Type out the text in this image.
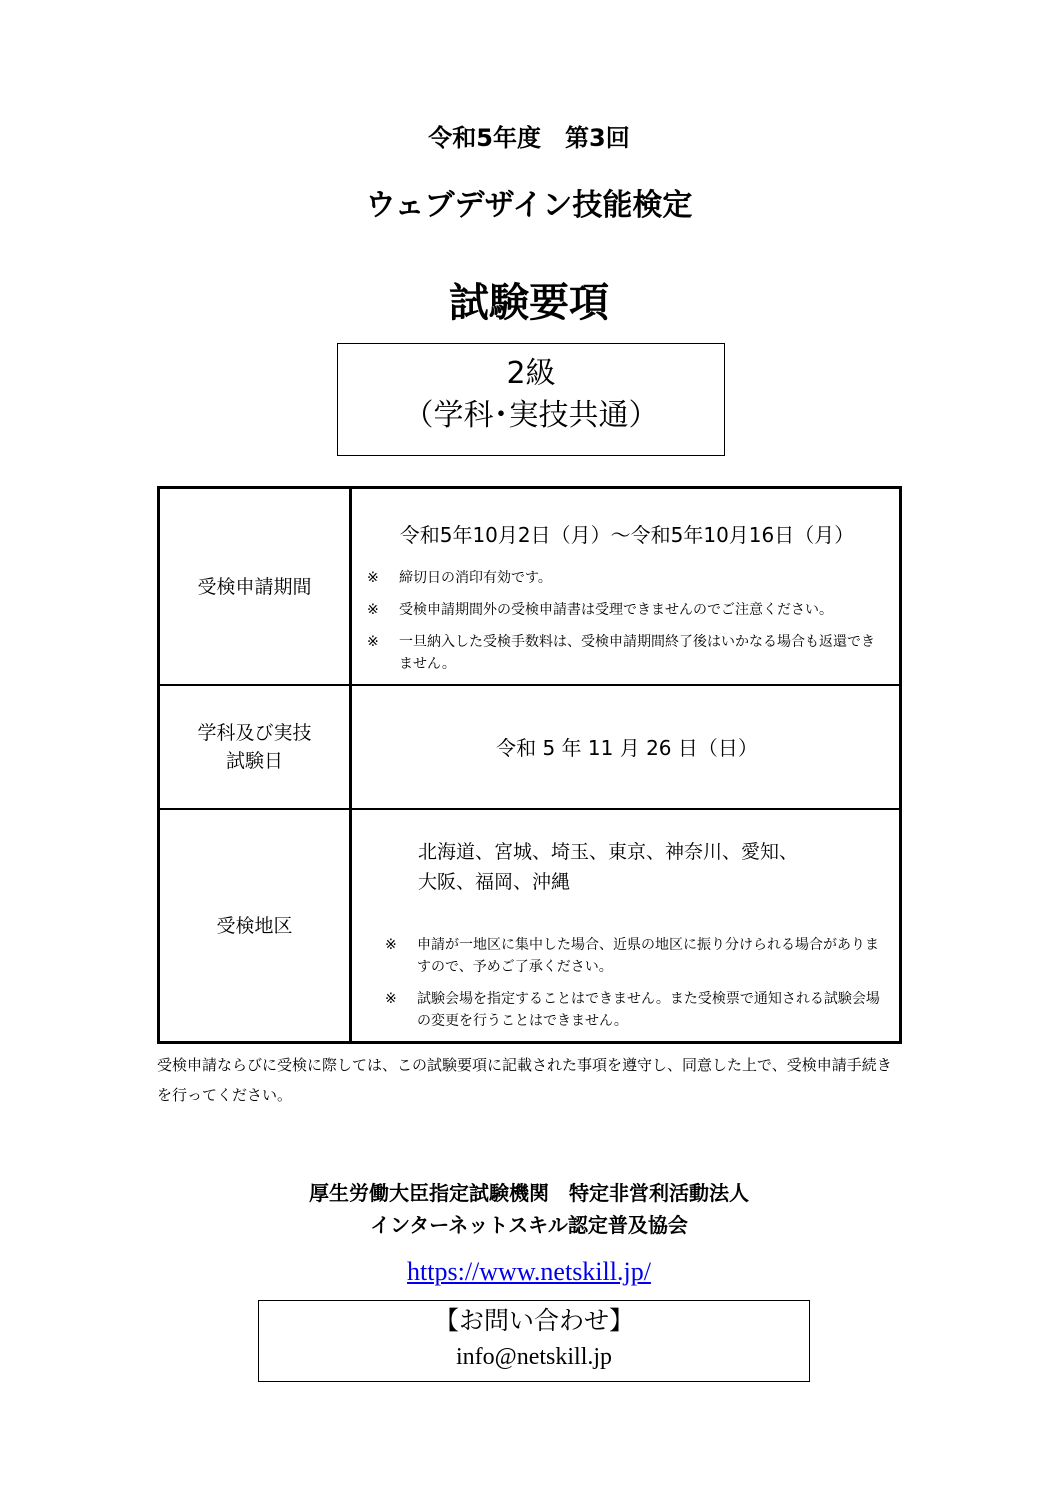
令和5年度　第3回
ウェブデザイン技能検定
試験要項
2級
（学科･実技共通）
受検申請期間
令和5年10月2日（月）～令和5年10月16日（月）
※ 締切日の消印有効です。
※ 受検申請期間外の受検申請書は受理できませんのでご注意ください。
※ 一旦納入した受検手数料は、受検申請期間終了後はいかなる場合も返還できません。
学科及び実技
試験日
令和 5 年 11 月 26 日（日）
受検地区
北海道、宮城、埼玉、東京、神奈川、愛知、
大阪、福岡、沖縄
※ 申請が一地区に集中した場合、近県の地区に振り分けられる場合がありますので、予めご了承ください。
※ 試験会場を指定することはできません。また受検票で通知される試験会場の変更を行うことはできません。
受検申請ならびに受検に際しては、この試験要項に記載された事項を遵守し、同意した上で、受検申請手続きを行ってください。
厚生労働大臣指定試験機関　特定非営利活動法人
インターネットスキル認定普及協会
https://www.netskill.jp/
【お問い合わせ】
info@netskill.jp
